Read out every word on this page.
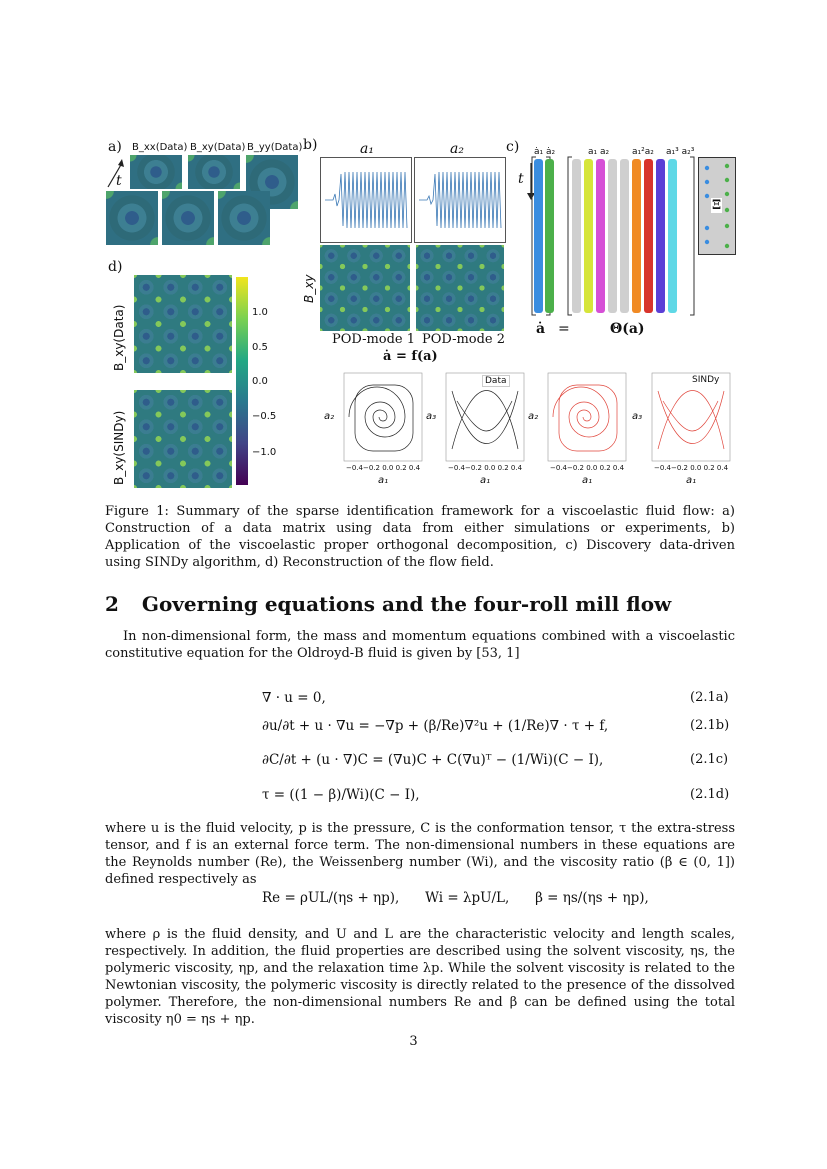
a) B_xx(Data) B_xy(Data) B_yy(Data)
t
d)
B_xy(Data)
B_xy(SINDy)
1.0
0.5
0.0
−0.5
−1.0
b)	a₁	a₂
B_xy
POD-mode 1 POD-mode 2
ȧ = f(a)
c) ȧ₁ ȧ₂	a₁ a₂	a₁²a₂ a₁³ a₂³
t
Ξ
ȧ =	Θ(a)
Data	SINDy
a₂	a₃	a₂	a₃
−0.4−0.2 0.0 0.2 0.4	−0.4−0.2 0.0 0.2 0.4	−0.4−0.2 0.0 0.2 0.4	−0.4−0.2 0.0 0.2 0.4
a₁	a₁	a₁	a₁
Figure 1: Summary of the sparse identification framework for a viscoelastic fluid flow: a) Construction of a data matrix using data from either simulations or experiments, b) Application of the viscoelastic proper orthogonal decomposition, c) Discovery data-driven using SINDy algorithm, d) Reconstruction of the flow field.
2 Governing equations and the four-roll mill flow
In non-dimensional form, the mass and momentum equations combined with a viscoelastic constitutive equation for the Oldroyd-B fluid is given by [53, 1]
∇ · u = 0,	(2.1a)
∂u/∂t + u · ∇u = −∇p + (β/Re)∇²u + (1/Re)∇ · τ + f,	(2.1b)
∂C/∂t + (u · ∇)C = (∇u)C + C(∇u)ᵀ − (1/Wi)(C − I),	(2.1c)
τ = ((1 − β)/Wi)(C − I),	(2.1d)
where u is the fluid velocity, p is the pressure, C is the conformation tensor, τ the extra-stress tensor, and f is an external force term. The non-dimensional numbers in these equations are the Reynolds number (Re), the Weissenberg number (Wi), and the viscosity ratio (β ∈ (0, 1]) defined respectively as
Re = ρUL/(ηs + ηp),      Wi = λpU/L,      β = ηs/(ηs + ηp),
where ρ is the fluid density, and U and L are the characteristic velocity and length scales, respectively. In addition, the fluid properties are described using the solvent viscosity, ηs, the polymeric viscosity, ηp, and the relaxation time λp. While the solvent viscosity is related to the Newtonian viscosity, the polymeric viscosity is directly related to the presence of the dissolved polymer. Therefore, the non-dimensional numbers Re and β can be defined using the total viscosity η0 = ηs + ηp.
3
